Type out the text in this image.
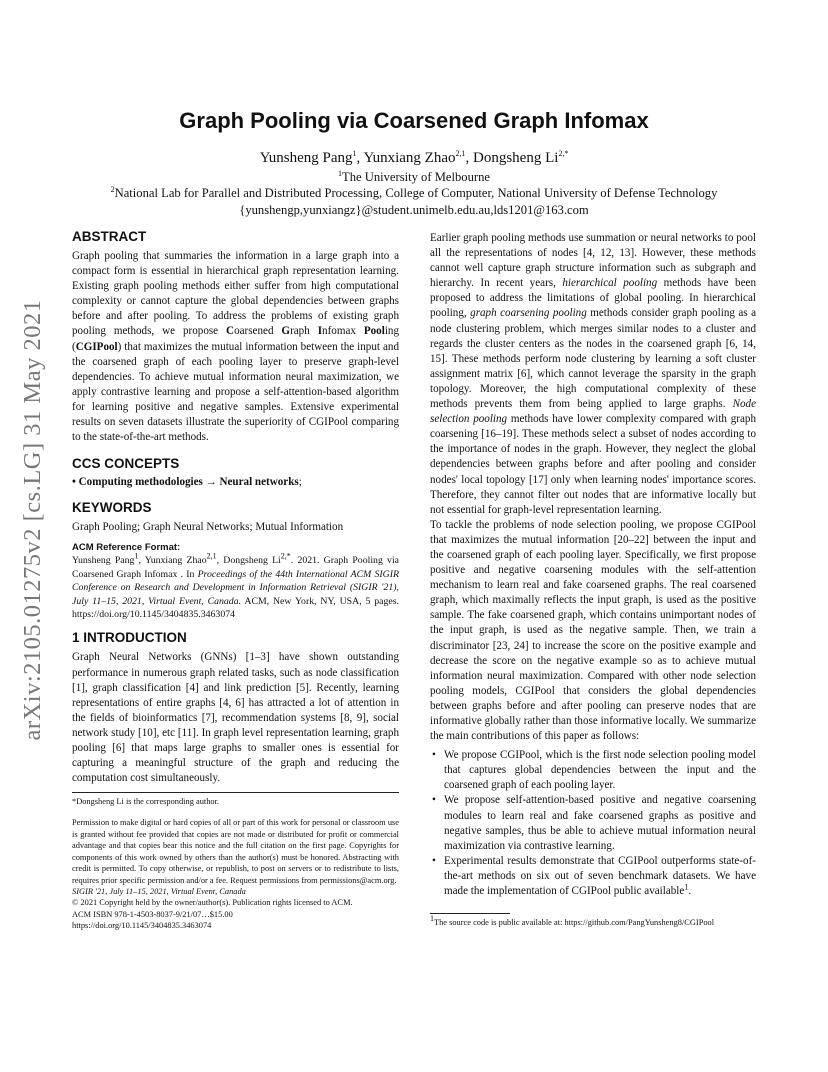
arXiv:2105.01275v2 [cs.LG] 31 May 2021
Graph Pooling via Coarsened Graph Infomax
Yunsheng Pang$^1$, Yunxiang Zhao$^{2,1}$, Dongsheng $Li^{2,*}$
$^1$The University of Melbourne
$^2$National Lab for Parallel and Distributed Processing, College of Computer, National University of Defense Technology
{yunshengp,yunxiangz}@student.unimelb.edu.au,lds1201@163.com
ABSTRACT

Graph pooling that summaries the information in a large graph into a compact form is essential in hierarchical graph representation learning. Existing graph pooling methods either suffer from high computational complexity or cannot capture the global dependencies between graphs before and after pooling. To address the problems of existing graph pooling methods, we propose Coarsened Graph Infomax Pooling (CGIPool) that maximizes the mutual information between the input and the coarsened graph of each pooling layer to preserve graph-level dependencies. To achieve mutual information neural maximization, we apply contrastive learning and propose a self-attention-based algorithm for learning positive and negative samples. Extensive experimental results on seven datasets illustrate the superiority of CGIPool comparing to the state-of-the-art methods.

CCS CONCEPTS

• Computing methodologies → Neural networks;

KEYWORDS

Graph Pooling; Graph Neural Networks; Mutual Information

ACM Reference Format:

Yunsheng Pang$^1$, Yunxiang Zhao$^{2,1}$, Dongsheng $Li^{2,*}$. 2021. Graph Pooling via Coarsened Graph Infomax . In Proceedings of the 44th International ACM SIGIR Conference on Research and Development in Information Retrieval (SIGIR '21), July 11–15, 2021, Virtual Event, Canada. ACM, New York, NY, USA, 5 pages. https://doi.org/10.1145/3404835.3463074

1 INTRODUCTION

Graph Neural Networks (GNNs) [1–3] have shown outstanding performance in numerous graph related tasks, such as node classification [1], graph classification [4] and link prediction [5]. Recently, learning representations of entire graphs [4, 6] has attracted a lot of attention in the fields of bioinformatics [7], recommendation systems [8, 9], social network study [10], etc [11]. In graph level representation learning, graph pooling [6] that maps large graphs to smaller ones is essential for capturing a meaningful structure of the graph and reducing the computation cost simultaneously.

*Dongsheng Li is the corresponding author.
Permission to make digital or hard copies of all or part of this work for personal or classroom use is granted without fee provided that copies are not made or distributed for profit or commercial advantage and that copies bear this notice and the full citation on the first page. Copyrights for components of this work owned by others than the author(s) must be honored. Abstracting with credit is permitted. To copy otherwise, or republish, to post on servers or to redistribute to lists, requires prior specific permission and/or a fee. Request permissions from permissions@acm.org.
SIGIR '21, July 11–15, 2021, Virtual Event, Canada
© 2021 Copyright held by the owner/author(s). Publication rights licensed to ACM.
ACM ISBN 978-1-4503-8037-9/21/07…$15.00
https://doi.org/10.1145/3404835.3463074

Earlier graph pooling methods use summation or neural networks to pool all the representations of nodes [4, 12, 13]. However, these methods cannot well capture graph structure information such as subgraph and hierarchy. In recent years, hierarchical pooling methods have been proposed to address the limitations of global pooling. In hierarchical pooling, graph coarsening pooling methods consider graph pooling as a node clustering problem, which merges similar nodes to a cluster and regards the cluster centers as the nodes in the coarsened graph [6, 14, 15]. These methods perform node clustering by learning a soft cluster assignment matrix [6], which cannot leverage the sparsity in the graph topology. Moreover, the high computational complexity of these methods prevents them from being applied to large graphs. Node selection pooling methods have lower complexity compared with graph coarsening [16–19]. These methods select a subset of nodes according to the importance of nodes in the graph. However, they neglect the global dependencies between graphs before and after pooling and consider nodes' local topology [17] only when learning nodes' importance scores. Therefore, they cannot filter out nodes that are informative locally but not essential for graph-level representation learning.

To tackle the problems of node selection pooling, we propose CGIPool that maximizes the mutual information [20–22] between the input and the coarsened graph of each pooling layer. Specifically, we first propose positive and negative coarsening modules with the self-attention mechanism to learn real and fake coarsened graphs. The real coarsened graph, which maximally reflects the input graph, is used as the positive sample. The fake coarsened graph, which contains unimportant nodes of the input graph, is used as the negative sample. Then, we train a discriminator [23, 24] to increase the score on the positive example and decrease the score on the negative example so as to achieve mutual information neural maximization. Compared with other node selection pooling models, CGIPool that considers the global dependencies between graphs before and after pooling can preserve nodes that are informative globally rather than those informative locally. We summarize the main contributions of this paper as follows:

• We propose CGIPool, which is the first node selection pooling model that captures global dependencies between the input and the coarsened graph of each pooling layer.
• We propose self-attention-based positive and negative coarsening modules to learn real and fake coarsened graphs as positive and negative samples, thus be able to achieve mutual information neural maximization via contrastive learning.
• Experimental results demonstrate that CGIPool outperforms state-of-the-art methods on six out of seven benchmark datasets. We have made the implementation of CGIPool public available$^1$.
$^1$The source code is public available at: https://github.com/PangYunsheng8/CGIPool
